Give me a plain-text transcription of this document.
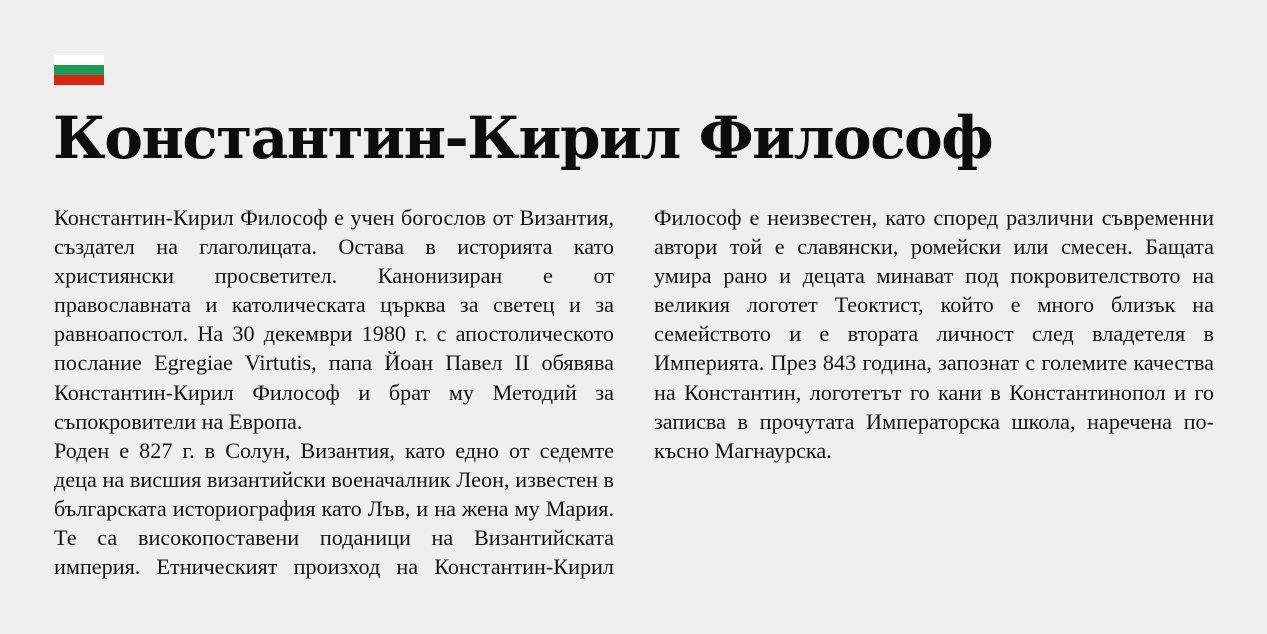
Константин-Кирил Философ

Константин-Кирил Философ е учен богослов от Византия, създател на глаголицата. Остава в историята като християнски просветител. Канонизиран е от православната и католическата църква за светец и за равноапостол. На 30 декември 1980 г. с апостолическото послание Egregiae Virtutis, папа Йоан Павел II обявява Константин-Кирил Философ и брат му Методий за съпокровители на Европа.

Роден е 827 г. в Солун, Византия, като едно от седемте деца на висшия византийски военачалник Леон, известен в българската историография като Лъв, и на жена му Мария. Те са високопоставени поданици на Византийската империя. Етническият произход на Константин-Кирил Философ е неизвестен, като според различни съвременни автори той е славянски, ромейски или смесен. Бащата умира рано и децата минават под покровителството на великия логотет Теоктист, който е много близък на семейството и е втората личност след владетеля в Империята. През 843 година, запознат с големите качества на Константин, логотетът го кани в Константинопол и го записва в прочутата Императорска школа, наречена по-късно Магнаурска.
